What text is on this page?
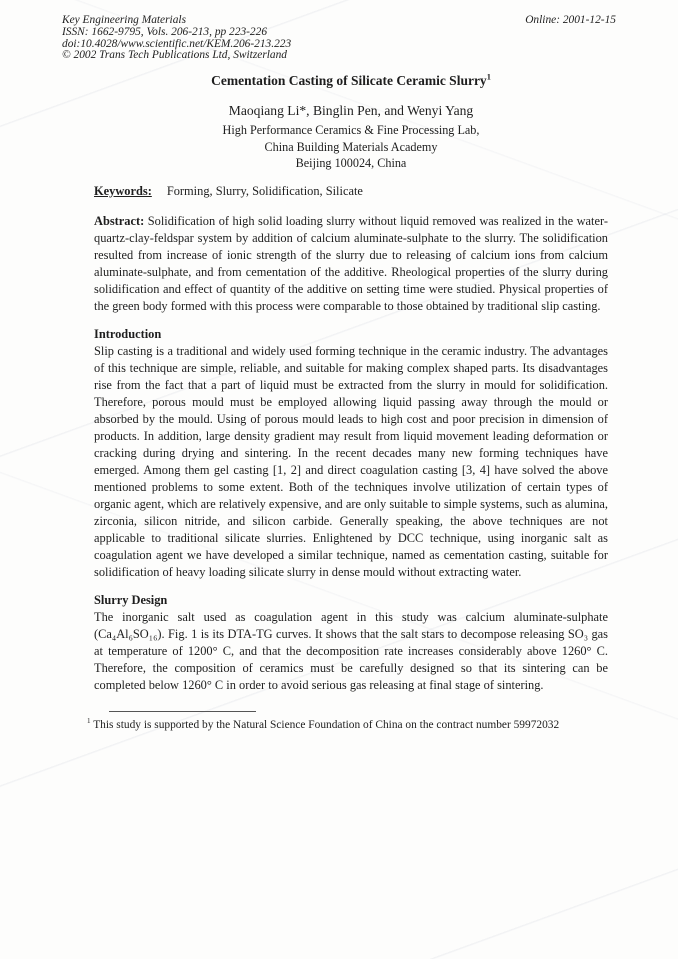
Key Engineering Materials
ISSN: 1662-9795, Vols. 206-213, pp 223-226
doi:10.4028/www.scientific.net/KEM.206-213.223
© 2002 Trans Tech Publications Ltd, Switzerland
Online: 2001-12-15
Cementation Casting of Silicate Ceramic Slurry$^1$
Maoqiang Li*, Binglin Pen, and Wenyi Yang
High Performance Ceramics & Fine Processing Lab,
China Building Materials Academy
Beijing 100024, China
Keywords: Forming, Slurry, Solidification, Silicate

Abstract: Solidification of high solid loading slurry without liquid removed was realized in the water-quartz-clay-feldspar system by addition of calcium aluminate-sulphate to the slurry. The solidification resulted from increase of ionic strength of the slurry due to releasing of calcium ions from calcium aluminate-sulphate, and from cementation of the additive. Rheological properties of the slurry during solidification and effect of quantity of the additive on setting time were studied. Physical properties of the green body formed with this process were comparable to those obtained by traditional slip casting.

Introduction

Slip casting is a traditional and widely used forming technique in the ceramic industry. The advantages of this technique are simple, reliable, and suitable for making complex shaped parts. Its disadvantages rise from the fact that a part of liquid must be extracted from the slurry in mould for solidification. Therefore, porous mould must be employed allowing liquid passing away through the mould or absorbed by the mould. Using of porous mould leads to high cost and poor precision in dimension of products. In addition, large density gradient may result from liquid movement leading deformation or cracking during drying and sintering. In the recent decades many new forming techniques have emerged. Among them gel casting [1, 2] and direct coagulation casting [3, 4] have solved the above mentioned problems to some extent. Both of the techniques involve utilization of certain types of organic agent, which are relatively expensive, and are only suitable to simple systems, such as alumina, zirconia, silicon nitride, and silicon carbide. Generally speaking, the above techniques are not applicable to traditional silicate slurries. Enlightened by DCC technique, using inorganic salt as coagulation agent we have developed a similar technique, named as cementation casting, suitable for solidification of heavy loading silicate slurry in dense mould without extracting water.

Slurry Design

The inorganic salt used as coagulation agent in this study was calcium aluminate-sulphate (Ca₄Al₆SO₁₆). Fig. 1 is its DTA-TG curves. It shows that the salt stars to decompose releasing SO₃ gas at temperature of 1200° C, and that the decomposition rate increases considerably above 1260° C. Therefore, the composition of ceramics must be carefully designed so that its sintering can be completed below 1260° C in order to avoid serious gas releasing at final stage of sintering.

$^1$ This study is supported by the Natural Science Foundation of China on the contract number 59972032
